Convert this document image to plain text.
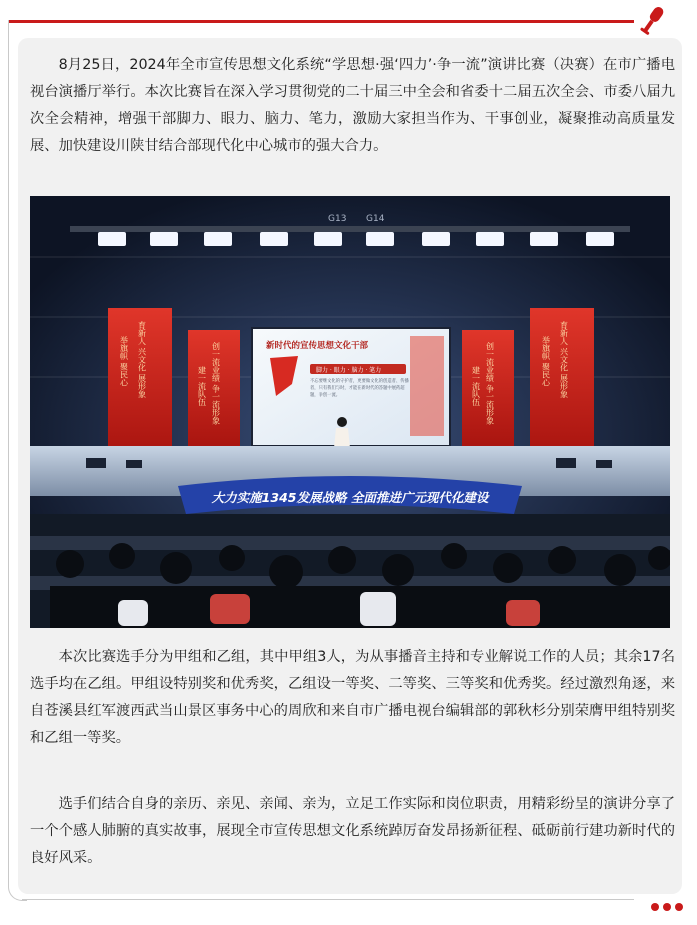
8月25日，2024年全市宣传思想文化系统“学思想·强‘四力’·争一流”演讲比赛（决赛）在市广播电视台演播厅举行。本次比赛旨在深入学习贯彻党的二十届三中全会和省委十二届五次全会、市委八届九次全会精神，增强干部脚力、眼力、脑力、笔力，激励大家担当作为、干事创业，凝聚推动高质量发展、加快建设川陕甘结合部现代化中心城市的强大合力。

G13 G14
育新人 兴文化 展形象
举旗帜 聚民心	创一流业绩 争一流形象
建一流队伍	创一流业绩 争一流形象
建一流队伍	育新人 兴文化 展形象
举旗帜 聚民心
新时代的宣传思想文化干部
脚力 · 眼力 · 脑力 · 笔力
不忘要继文化的守护者，更要做文化的创造者、传播者，只有我们与时，才能在新时代的答题中展药超题，争创一流。
大力实施1345发展战略 全面推进广元现代化建设

本次比赛选手分为甲组和乙组，其中甲组3人，为从事播音主持和专业解说工作的人员；其余17名选手均在乙组。甲组设特别奖和优秀奖，乙组设一等奖、二等奖、三等奖和优秀奖。经过激烈角逐，来自苍溪县红军渡西武当山景区事务中心的周欣和来自市广播电视台编辑部的郭秋杉分别荣膺甲组特别奖和乙组一等奖。

选手们结合自身的亲历、亲见、亲闻、亲为，立足工作实际和岗位职责，用精彩纷呈的演讲分享了一个个感人肺腑的真实故事，展现全市宣传思想文化系统踔厉奋发昂扬新征程、砥砺前行建功新时代的良好风采。
